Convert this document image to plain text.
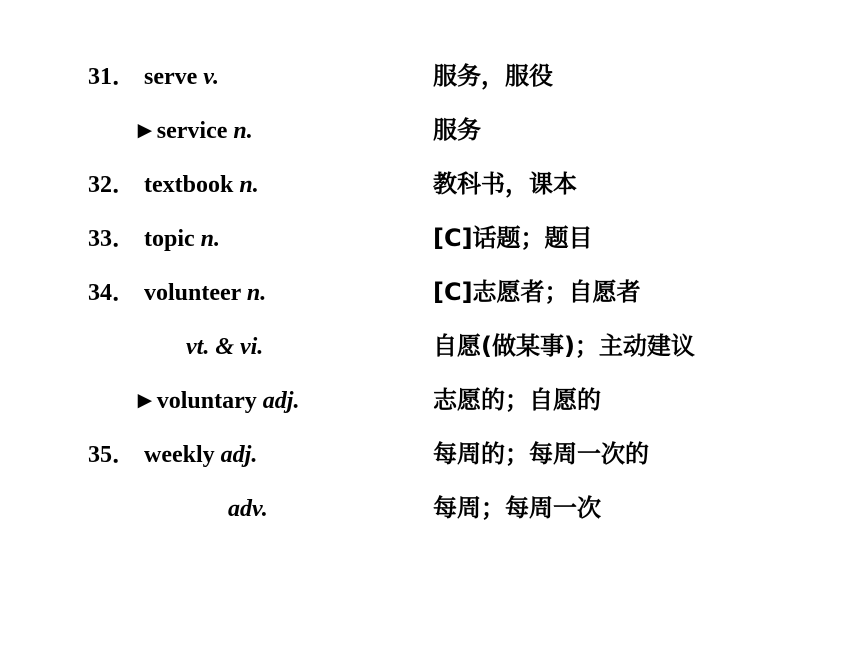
31． serve v.	服务，服役
►service n.	服务
32． textbook n.	教科书，课本
33． topic n.	[C]话题；题目
34． volunteer n.	[C]志愿者；自愿者
vt. & vi.	自愿(做某事)；主动建议
►voluntary adj.	志愿的；自愿的
35． weekly adj.	每周的；每周一次的
adv.	每周；每周一次
